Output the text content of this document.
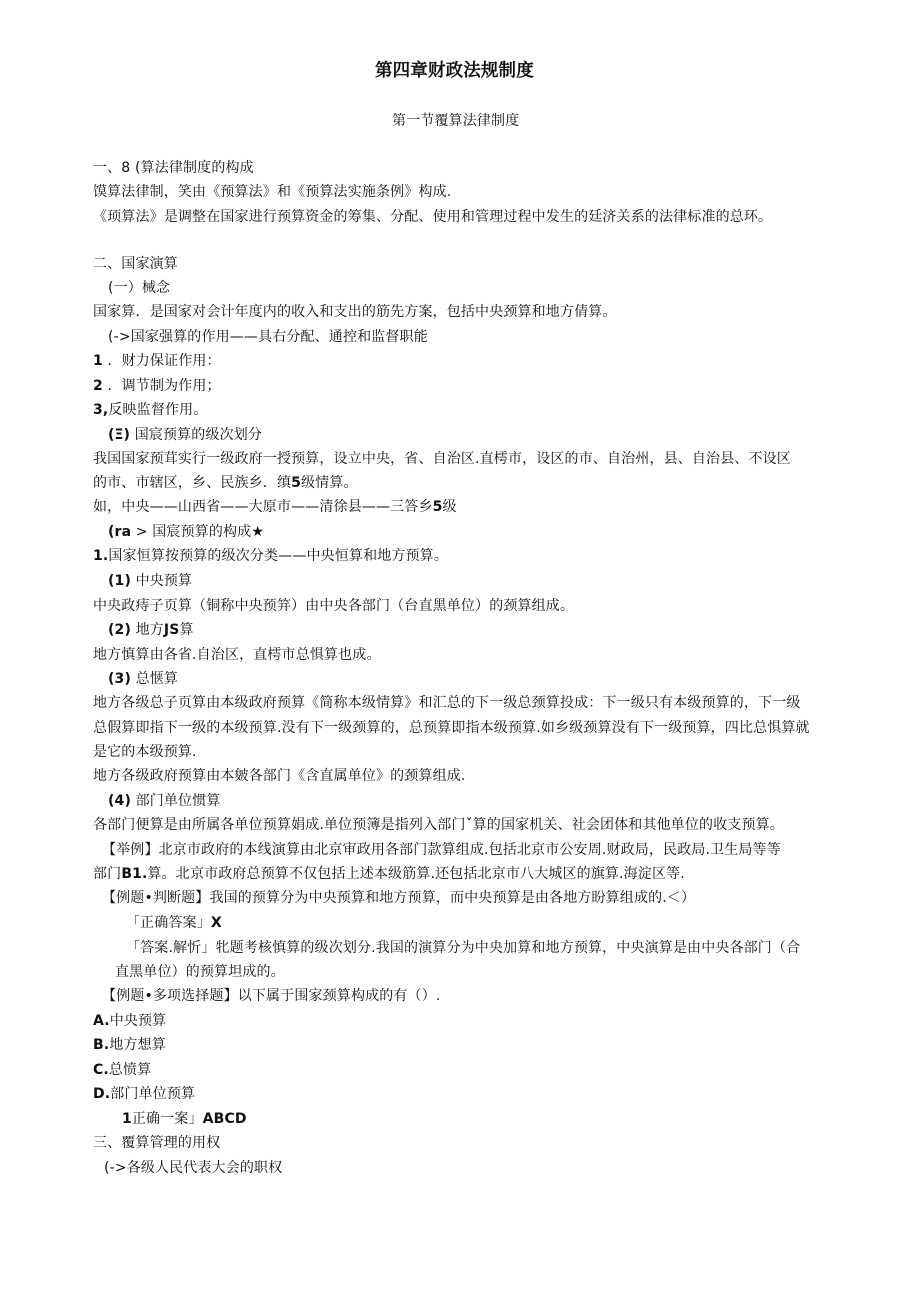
第四章财政法规制度
第一节覆算法律制度
一、8 (算法律制度的构成
馍算法律制，笑由《预算法》和《预算法实施条例》构成.
《顼算法》是调整在国家进行预算资金的筹集、分配、使用和管理过程中发生的廷济关系的法律标准的总环。
二、国家演算
(一）械念
国家算．是国家对会计年度内的收入和支出的筋先方案，包括中央颈算和地方倩算。
(->国家强算的作用——具右分配、通控和监督职能
1 ．财力保证作用：
2 ．调节制为作用；
3,反映监督作用。
(Ξ) 国宸预算的级次划分
我国国家预茸实行一级政府一授预算，设立中央，省、自治区.直樗市，设区的市、自治州，县、自治县、不设区
的市、市辖区，乡、民族乡．缜5级情算。
如，中央——山西省——大原市——清徐县——三答乡5级
(ra > 国宸预算的构成★
1.国家恒算按预算的级次分类——中央恒算和地方预算。
(1) 中央预算
中央政痔子页算（铜称中央预笄）由中央各部门（台直黑单位）的颈算组成。
(2) 地方JS算
地方慎算由各省.自治区，直樗市总惧算也成。
(3) 总惬算
地方各级总子页算由本级政府预算《简称本级情算》和汇总的下一级总颈算投成：下一级只有本级预算的，下一级
总假算即指下一级的本级预算.没有下一级颈算的，总预算即指本级预算.如乡级颈算没有下一级预算，四比总惧算就
是它的本级预算.
地方各级政府预算由本皴各部门《含直属单位》的颈算组成.
(4) 部门单位惯算
各部门便算是由所属各单位预算娟成.单位预簿是指列入部门ˇ算的国家机关、社会团体和其他单位的收支预算。
【举例】北京市政府的本线演算由北京审政用各部门款算组成.包括北京市公安周.财政局，民政局.卫生局等等
部门B1.算。北京市政府总预算不仅包括上述本级筋算.还包括北京市八大城区的旗算.海淀区等.
【例题•判断题】我国的预算分为中央预算和地方预算，而中央预算是由各地方盼算组成的.＜）
「正确答案」X
「答案.解忻」牝题考核慎算的级次划分.我国的演算分为中央加算和地方预算，中央演算是由中央各部门（合
直黑单位）的预算坦成的。
【例题•多项选择题】以下属于围家颈算构成的有（）.
A.中央预算
B.地方想算
C.总愤算
D.部门单位预算
1正确一案」ABCD
三、覆算管理的用权
(->各级人民代表大会的职权
